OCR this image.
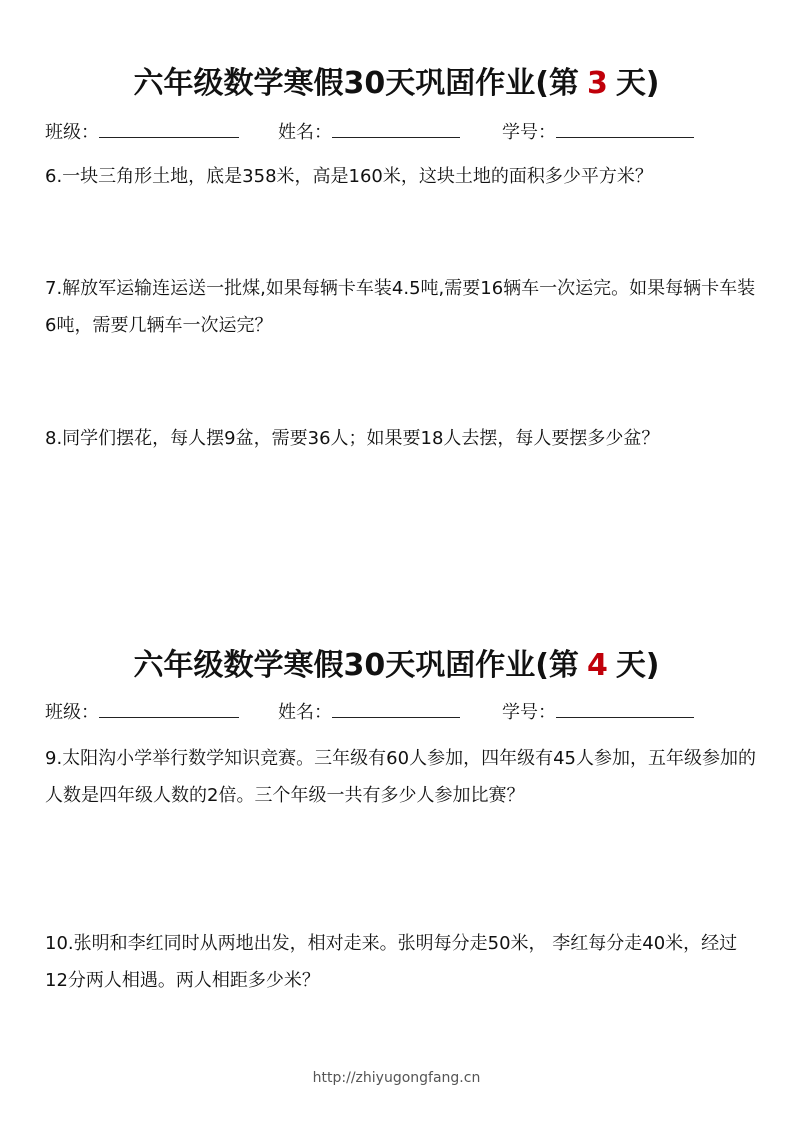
六年级数学寒假30天巩固作业(第 3 天)
班级：	姓名：	学号：

6.一块三角形土地，底是358米，高是160米，这块土地的面积多少平方米？

7.解放军运输连运送一批煤,如果每辆卡车装4.5吨,需要16辆车一次运完。如果每辆卡车装6吨，需要几辆车一次运完？

8.同学们摆花，每人摆9盆，需要36人；如果要18人去摆，每人要摆多少盆？

六年级数学寒假30天巩固作业(第 4 天)
班级：	姓名：	学号：

9.太阳沟小学举行数学知识竞赛。三年级有60人参加，四年级有45人参加，五年级参加的人数是四年级人数的2倍。三个年级一共有多少人参加比赛？

10.张明和李红同时从两地出发，相对走来。张明每分走50米， 李红每分走40米，经过12分两人相遇。两人相距多少米？

http://zhiyugongfang.cn
